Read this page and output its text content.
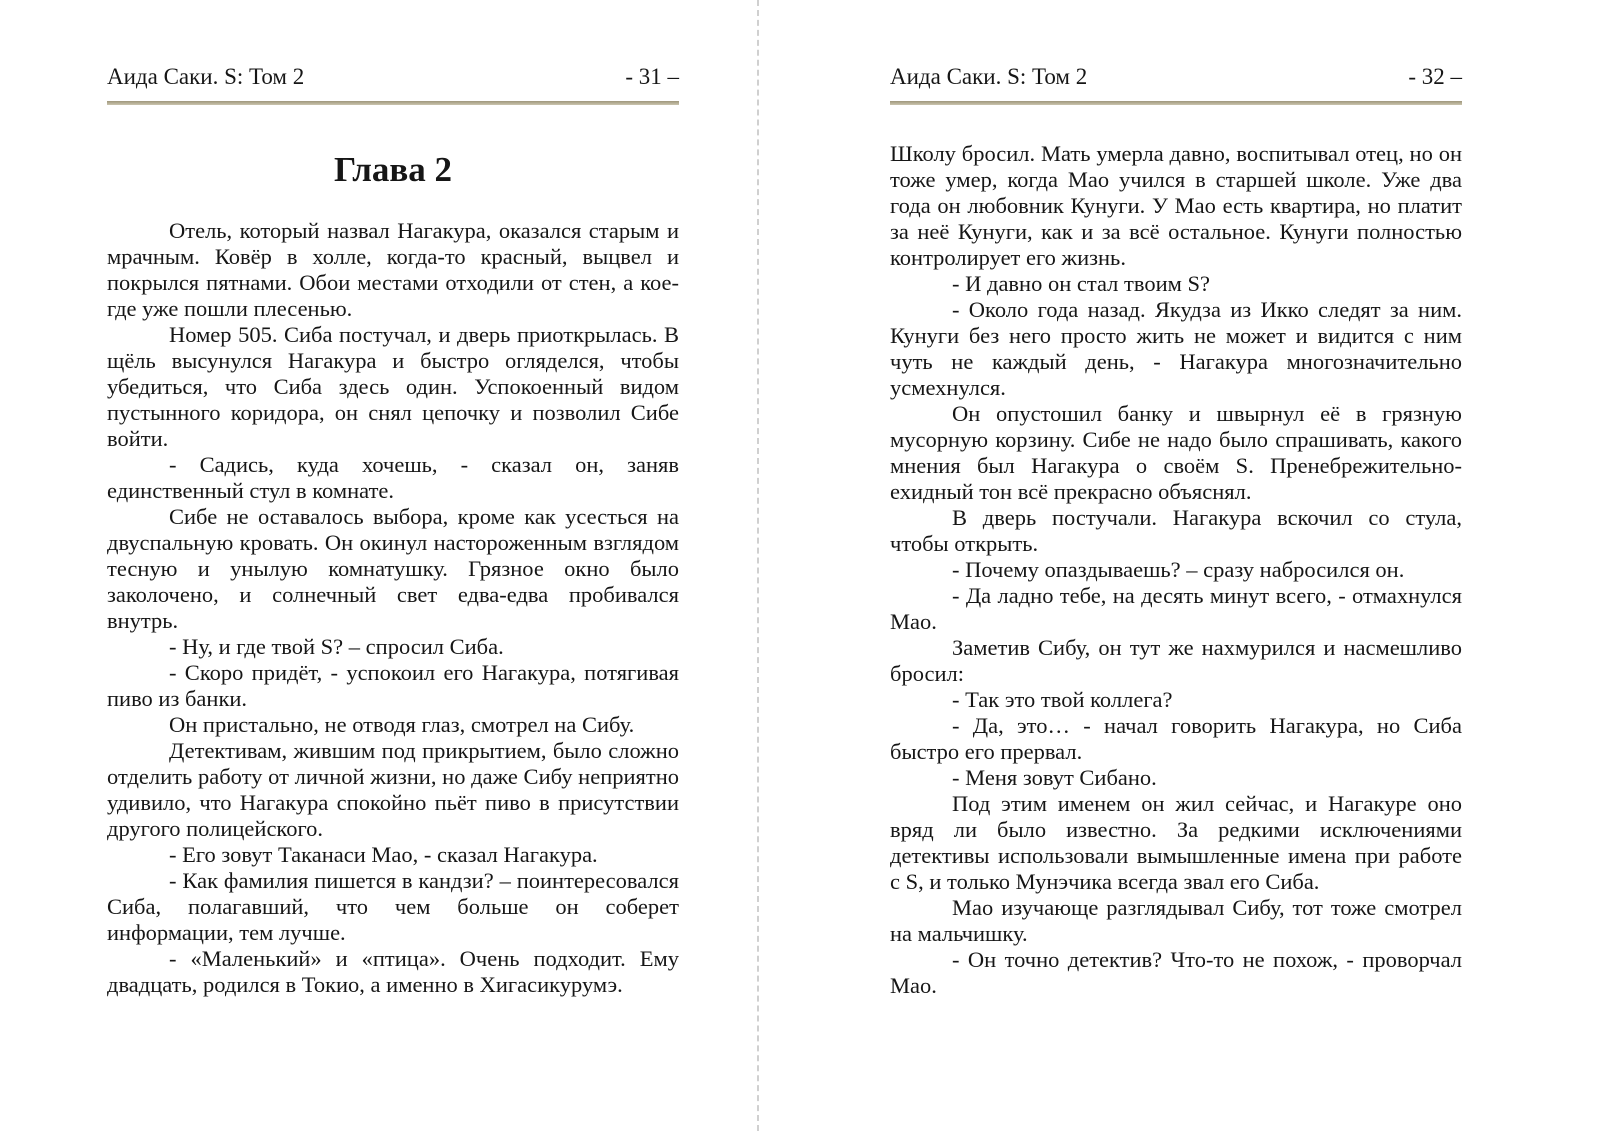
Аида Саки. S: Том 2	- 31 –
Глава 2

Отель, который назвал Нагакура, оказался старым и мрачным. Ковёр в холле, когда-то красный, выцвел и покрылся пятнами. Обои местами отходили от стен, а кое-где уже пошли плесенью.

Номер 505. Сиба постучал, и дверь приоткрылась. В щёль высунулся Нагакура и быстро огляделся, чтобы убедиться, что Сиба здесь один. Успокоенный видом пустынного коридора, он снял цепочку и позволил Сибе войти.

- Садись, куда хочешь, - сказал он, заняв единственный стул в комнате.

Сибе не оставалось выбора, кроме как усесться на двуспальную кровать. Он окинул настороженным взглядом тесную и унылую комнатушку. Грязное окно было заколочено, и солнечный свет едва-едва пробивался внутрь.

- Ну, и где твой S? – спросил Сиба.

- Скоро придёт, - успокоил его Нагакура, потягивая пиво из банки.

Он пристально, не отводя глаз, смотрел на Сибу.

Детективам, жившим под прикрытием, было сложно отделить работу от личной жизни, но даже Сибу неприятно удивило, что Нагакура спокойно пьёт пиво в присутствии другого полицейского.

- Его зовут Таканаси Мао, - сказал Нагакура.

- Как фамилия пишется в кандзи? – поинтересовался Сиба, полагавший, что чем больше он соберет информации, тем лучше.

- «Маленький» и «птица». Очень подходит. Ему двадцать, родился в Токио, а именно в Хигасикурумэ.

Аида Саки. S: Том 2	- 32 –

Школу бросил. Мать умерла давно, воспитывал отец, но он тоже умер, когда Мао учился в старшей школе. Уже два года он любовник Кунуги. У Мао есть квартира, но платит за неё Кунуги, как и за всё остальное. Кунуги полностью контролирует его жизнь.

- И давно он стал твоим S?

- Около года назад. Якудза из Икко следят за ним. Кунуги без него просто жить не может и видится с ним чуть не каждый день, - Нагакура многозначительно усмехнулся.

Он опустошил банку и швырнул её в грязную мусорную корзину. Сибе не надо было спрашивать, какого мнения был Нагакура о своём S. Пренебрежительно-ехидный тон всё прекрасно объяснял.

В дверь постучали. Нагакура вскочил со стула, чтобы открыть.

- Почему опаздываешь? – сразу набросился он.

- Да ладно тебе, на десять минут всего, - отмахнулся Мао.

Заметив Сибу, он тут же нахмурился и насмешливо бросил:

- Так это твой коллега?

- Да, это… - начал говорить Нагакура, но Сиба быстро его прервал.

- Меня зовут Сибано.

Под этим именем он жил сейчас, и Нагакуре оно вряд ли было известно. За редкими исключениями детективы использовали вымышленные имена при работе с S, и только Мунэчика всегда звал его Сиба.

Мао изучающе разглядывал Сибу, тот тоже смотрел на мальчишку.

- Он точно детектив? Что-то не похож, - проворчал Мао.
